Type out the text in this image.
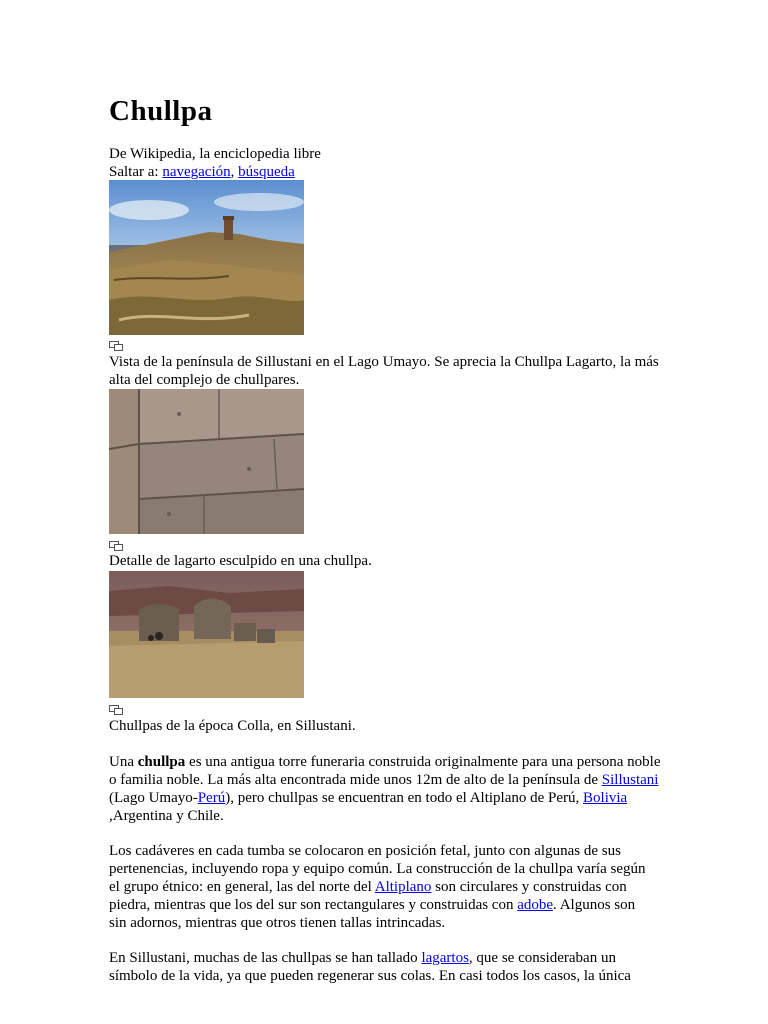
Chullpa
De Wikipedia, la enciclopedia libre
Saltar a: navegación, búsqueda
Vista de la península de Sillustani en el Lago Umayo. Se aprecia la Chullpa Lagarto, la más alta del complejo de chullpares.
Detalle de lagarto esculpido en una chullpa.
Chullpas de la época Colla, en Sillustani.

Una chullpa es una antigua torre funeraria construida originalmente para una persona noble o familia noble. La más alta encontrada mide unos 12m de alto de la península de Sillustani (Lago Umayo-Perú), pero chullpas se encuentran en todo el Altiplano de Perú, Bolivia ,Argentina y Chile.

Los cadáveres en cada tumba se colocaron en posición fetal, junto con algunas de sus pertenencias, incluyendo ropa y equipo común. La construcción de la chullpa varía según el grupo étnico: en general, las del norte del Altiplano son circulares y construidas con piedra, mientras que los del sur son rectangulares y construidas con adobe. Algunos son sin adornos, mientras que otros tienen tallas intrincadas.

En Sillustani, muchas de las chullpas se han tallado lagartos, que se consideraban un símbolo de la vida, ya que pueden regenerar sus colas. En casi todos los casos, la única
